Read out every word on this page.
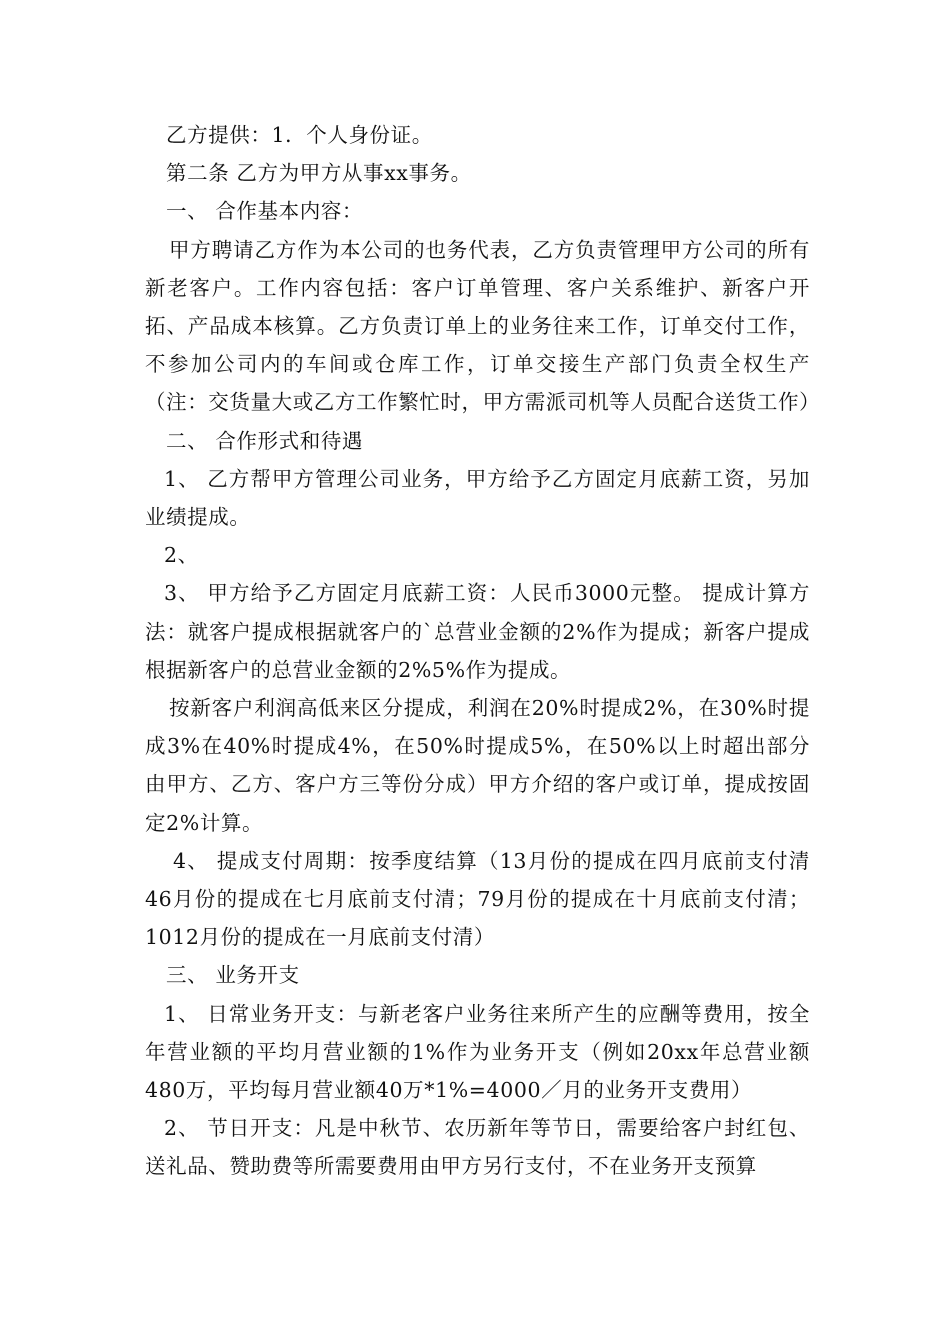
乙方提供：1．个人身份证。

第二条 乙方为甲方从事xx事务。

一、 合作基本内容：

甲方聘请乙方作为本公司的也务代表，乙方负责管理甲方公司的所有新老客户。工作内容包括：客户订单管理、客户关系维护、新客户开拓、产品成本核算。乙方负责订单上的业务往来工作，订单交付工作，不参加公司内的车间或仓库工作，订单交接生产部门负责全权生产（注：交货量大或乙方工作繁忙时，甲方需派司机等人员配合送货工作）

二、 合作形式和待遇

1、 乙方帮甲方管理公司业务，甲方给予乙方固定月底薪工资，另加业绩提成。

2、

3、 甲方给予乙方固定月底薪工资：人民币3000元整。 提成计算方法：就客户提成根据就客户的`总营业金额的2%作为提成；新客户提成根据新客户的总营业金额的2%5%作为提成。

按新客户利润高低来区分提成，利润在20%时提成2%，在30%时提成3%在40%时提成4%，在50%时提成5%，在50%以上时超出部分由甲方、乙方、客户方三等份分成）甲方介绍的客户或订单，提成按固定2%计算。

4、 提成支付周期：按季度结算（13月份的提成在四月底前支付清46月份的提成在七月底前支付清；79月份的提成在十月底前支付清；1012月份的提成在一月底前支付清）

三、 业务开支

1、 日常业务开支：与新老客户业务往来所产生的应酬等费用，按全年营业额的平均月营业额的1%作为业务开支（例如20xx年总营业额480万，平均每月营业额40万*1%=4000／月的业务开支费用）

2、 节日开支：凡是中秋节、农历新年等节日，需要给客户封红包、送礼品、赞助费等所需要费用由甲方另行支付，不在业务开支预算
